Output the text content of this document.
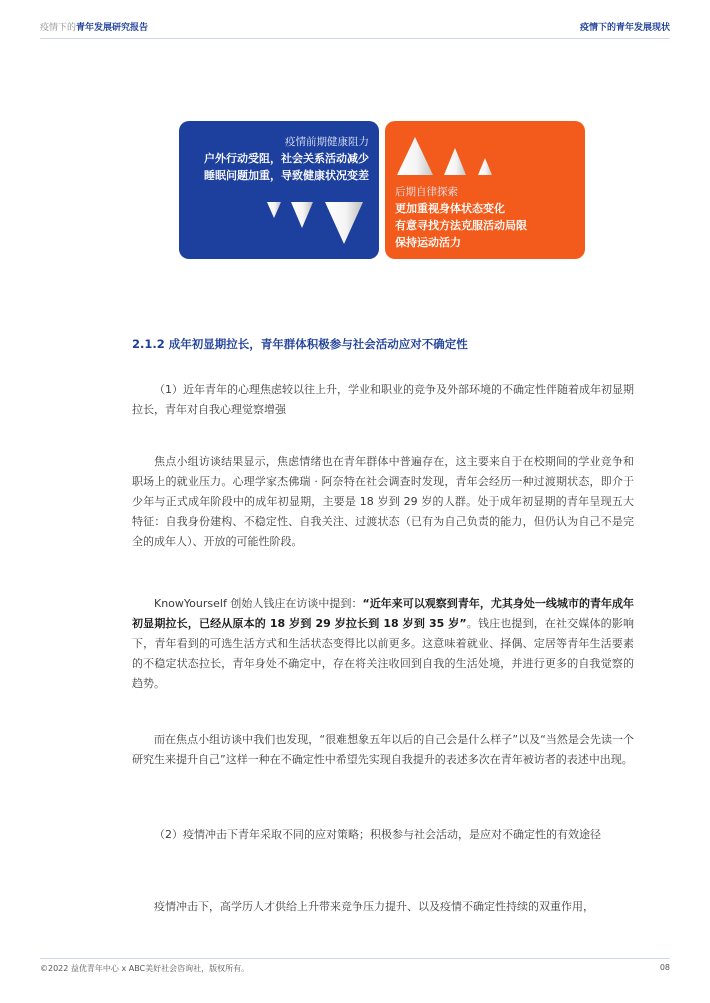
疫情下的青年发展研究报告	疫情下的青年发展现状
疫情前期健康阻力
户外行动受阻，社会关系活动减少
睡眠问题加重，导致健康状况变差
后期自律探索
更加重视身体状态变化
有意寻找方法克服活动局限
保持运动活力
2.1.2 成年初显期拉长，青年群体积极参与社会活动应对不确定性
（1）近年青年的心理焦虑较以往上升，学业和职业的竞争及外部环境的不确定性伴随着成年初显期拉长，青年对自我心理觉察增强
焦点小组访谈结果显示，焦虑情绪也在青年群体中普遍存在，这主要来自于在校期间的学业竞争和职场上的就业压力。心理学家杰佛瑞 · 阿奈特在社会调查时发现，青年会经历一种过渡期状态，即介于少年与正式成年阶段中的成年初显期，主要是 18 岁到 29 岁的人群。处于成年初显期的青年呈现五大特征：自我身份建构、不稳定性、自我关注、过渡状态（已有为自己负责的能力，但仍认为自己不是完全的成年人）、开放的可能性阶段。
KnowYourself 创始人钱庄在访谈中提到：“近年来可以观察到青年，尤其身处一线城市的青年成年初显期拉长，已经从原本的 18 岁到 29 岁拉长到 18 岁到 35 岁”。钱庄也提到，在社交媒体的影响下，青年看到的可选生活方式和生活状态变得比以前更多。这意味着就业、择偶、定居等青年生活要素的不稳定状态拉长，青年身处不确定中，存在将关注收回到自我的生活处境，并进行更多的自我觉察的趋势。
而在焦点小组访谈中我们也发现，“很难想象五年以后的自己会是什么样子”以及“当然是会先读一个研究生来提升自己”这样一种在不确定性中希望先实现自我提升的表述多次在青年被访者的表述中出现。
（2）疫情冲击下青年采取不同的应对策略；积极参与社会活动，是应对不确定性的有效途径
疫情冲击下，高学历人才供给上升带来竞争压力提升、以及疫情不确定性持续的双重作用，
©2022 益优青年中心 x ABC美好社会咨询社，版权所有。	08
